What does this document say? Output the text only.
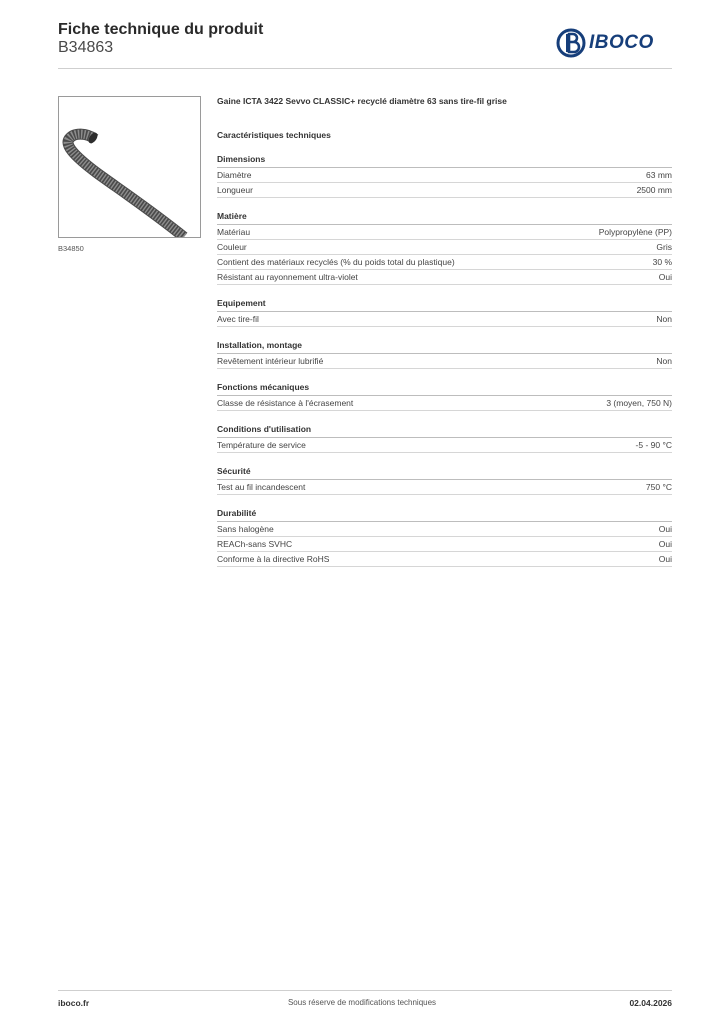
Fiche technique du produit
B34863	IBOCO
B34850
Gaine ICTA 3422 Sevvo CLASSIC+ recyclé diamètre 63 sans tire-fil grise
Caractéristiques techniques
Dimensions
Diamètre	63 mm
Longueur	2500 mm
Matière
Matériau	Polypropylène (PP)
Couleur	Gris
Contient des matériaux recyclés (% du poids total du plastique)	30 %
Résistant au rayonnement ultra-violet	Oui
Equipement
Avec tire-fil	Non
Installation, montage
Revêtement intérieur lubrifié	Non
Fonctions mécaniques
Classe de résistance à l'écrasement	3 (moyen, 750 N)
Conditions d'utilisation
Température de service	-5 - 90 °C
Sécurité
Test au fil incandescent	750 °C
Durabilité
Sans halogène	Oui
REACh-sans SVHC	Oui
Conforme à la directive RoHS	Oui
iboco.fr	Sous réserve de modifications techniques	02.04.2026
